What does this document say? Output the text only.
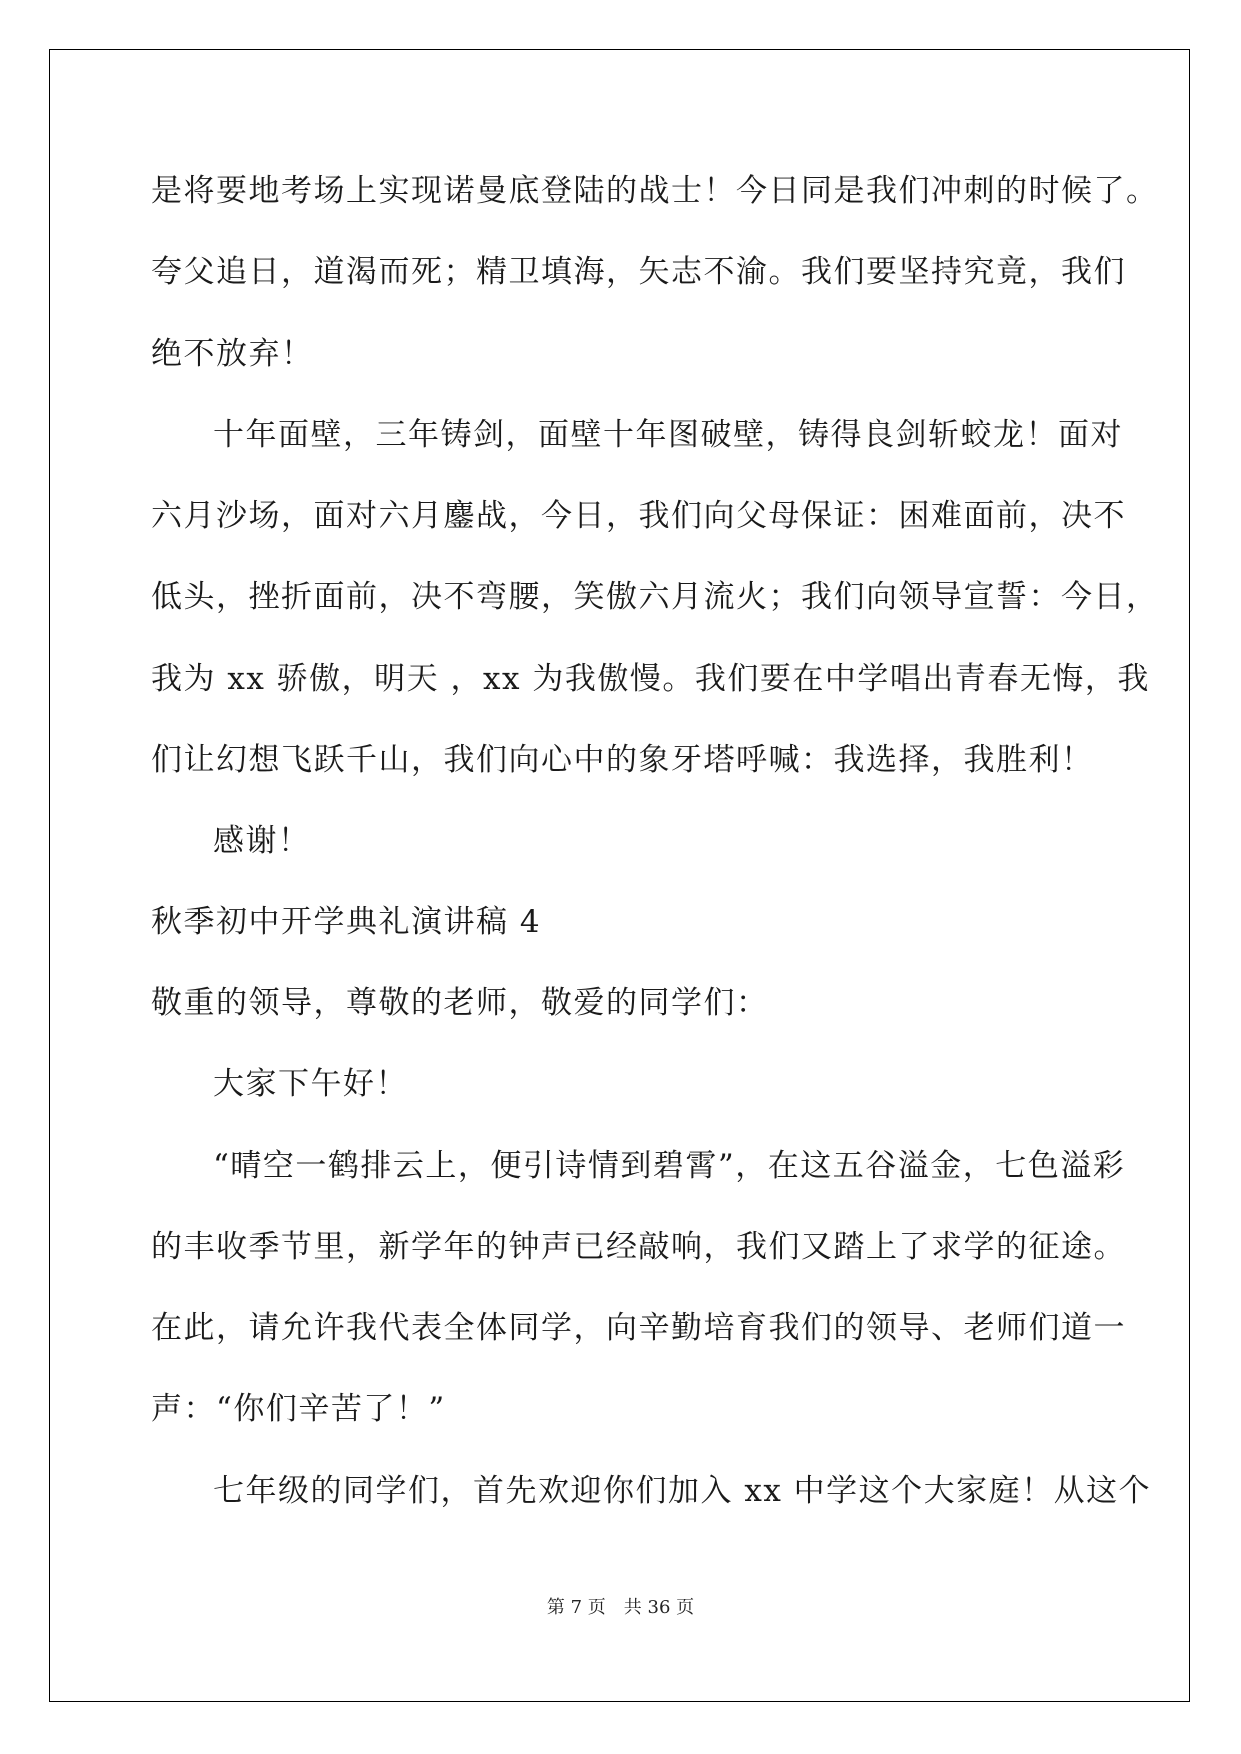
是将要地考场上实现诺曼底登陆的战士！今日同是我们冲刺的时候了。
夸父追日，道渴而死；精卫填海，矢志不渝。我们要坚持究竟，我们
绝不放弃！
十年面壁，三年铸剑，面壁十年图破壁，铸得良剑斩蛟龙！面对
六月沙场，面对六月鏖战，今日，我们向父母保证：困难面前，决不
低头，挫折面前，决不弯腰，笑傲六月流火；我们向领导宣誓：今日，
我为 xx 骄傲，明天 ，xx 为我傲慢。我们要在中学唱出青春无悔，我
们让幻想飞跃千山，我们向心中的象牙塔呼喊：我选择，我胜利！
感谢！
秋季初中开学典礼演讲稿 4
敬重的领导，尊敬的老师，敬爱的同学们：
大家下午好！
“晴空一鹤排云上，便引诗情到碧霄”，在这五谷溢金，七色溢彩
的丰收季节里，新学年的钟声已经敲响，我们又踏上了求学的征途。
在此，请允许我代表全体同学，向辛勤培育我们的领导、老师们道一
声：“你们辛苦了！”
七年级的同学们，首先欢迎你们加入 xx 中学这个大家庭！从这个
第 7 页 共 36 页
